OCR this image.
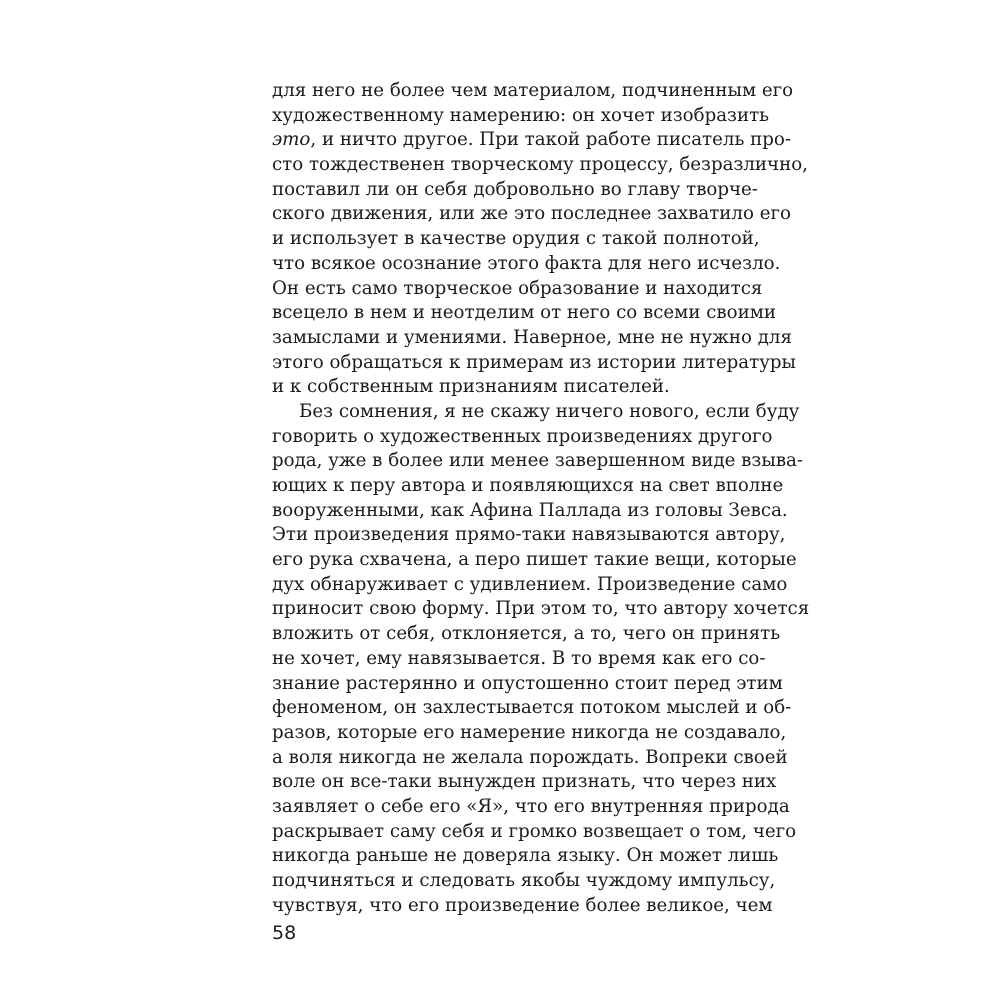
для него не более чем материалом, подчиненным его
художественному намерению: он хочет изобразить
это, и ничто другое. При такой работе писатель про-
сто тождественен творческому процессу, безразлично,
поставил ли он себя добровольно во главу творче-
ского движения, или же это последнее захватило его
и использует в качестве орудия с такой полнотой,
что всякое осознание этого факта для него исчезло.
Он есть само творческое образование и находится
всецело в нем и неотделим от него со всеми своими
замыслами и умениями. Наверное, мне не нужно для
этого обращаться к примерам из истории литературы
и к собственным признаниям писателей.
Без сомнения, я не скажу ничего нового, если буду
говорить о художественных произведениях другого
рода, уже в более или менее завершенном виде взыва-
ющих к перу автора и появляющихся на свет вполне
вооруженными, как Афина Паллада из головы Зевса.
Эти произведения прямо-таки навязываются автору,
его рука схвачена, а перо пишет такие вещи, которые
дух обнаруживает с удивлением. Произведение само
приносит свою форму. При этом то, что автору хочется
вложить от себя, отклоняется, а то, чего он принять
не хочет, ему навязывается. В то время как его со-
знание растерянно и опустошенно стоит перед этим
феноменом, он захлестывается потоком мыслей и об-
разов, которые его намерение никогда не создавало,
а воля никогда не желала порождать. Вопреки своей
воле он все-таки вынужден признать, что через них
заявляет о себе его «Я», что его внутренняя природа
раскрывает саму себя и громко возвещает о том, чего
никогда раньше не доверяла языку. Он может лишь
подчиняться и следовать якобы чуждому импульсу,
чувствуя, что его произведение более великое, чем
58
